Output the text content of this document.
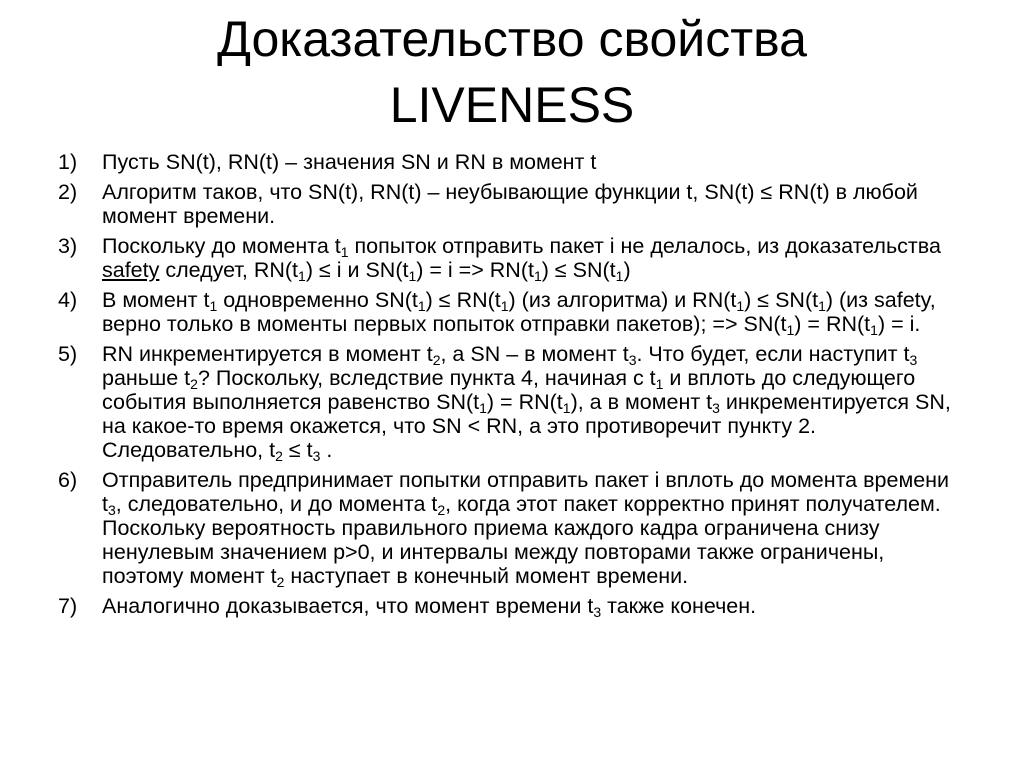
Доказательство свойства
LIVENESS
1)	Пусть SN(t), RN(t) – значения SN и RN в момент t
2)	Алгоритм таков, что SN(t), RN(t) – неубывающие функции t, SN(t) ≤ RN(t) в любой момент времени.
3)	Поскольку до момента $t_1$ попыток отправить пакет i не делалось, из доказательства safety следует, $RN(t_1) \le i$ и $SN(t_1) = i => RN(t_1) \le SN(t_1)$
4)	В момент $t_1$ одновременно $SN(t_1) \le RN(t_1)$ (из алгоритма) и $RN(t_1) \le SN(t_1)$ (из safety, верно только в моменты первых попыток отправки пакетов); => $SN(t_1) = RN(t_1) = i$.
5)	RN инкрементируется в момент $t_2$, а SN – в момент $t_3$. Что будет, если наступит $t_3$ раньше $t_2$? Поскольку, вследствие пункта 4, начиная с $t_1$ и вплоть до следующего события выполняется равенство $SN(t_1) = RN(t_1)$, а в момент $t_3$ инкрементируется SN, на какое-то время окажется, что SN < RN, а это противоречит пункту 2. Следовательно, $t_2 \le t_3$ .
6)	Отправитель предпринимает попытки отправить пакет i вплоть до момента времени $t_3$, следовательно, и до момента $t_2$, когда этот пакет корректно принят получателем. Поскольку вероятность правильного приема каждого кадра ограничена снизу ненулевым значением p>0, и интервалы между повторами также ограничены, поэтому момент $t_2$ наступает в конечный момент времени.
7)	Аналогично доказывается, что момент времени $t_3$ также конечен.
